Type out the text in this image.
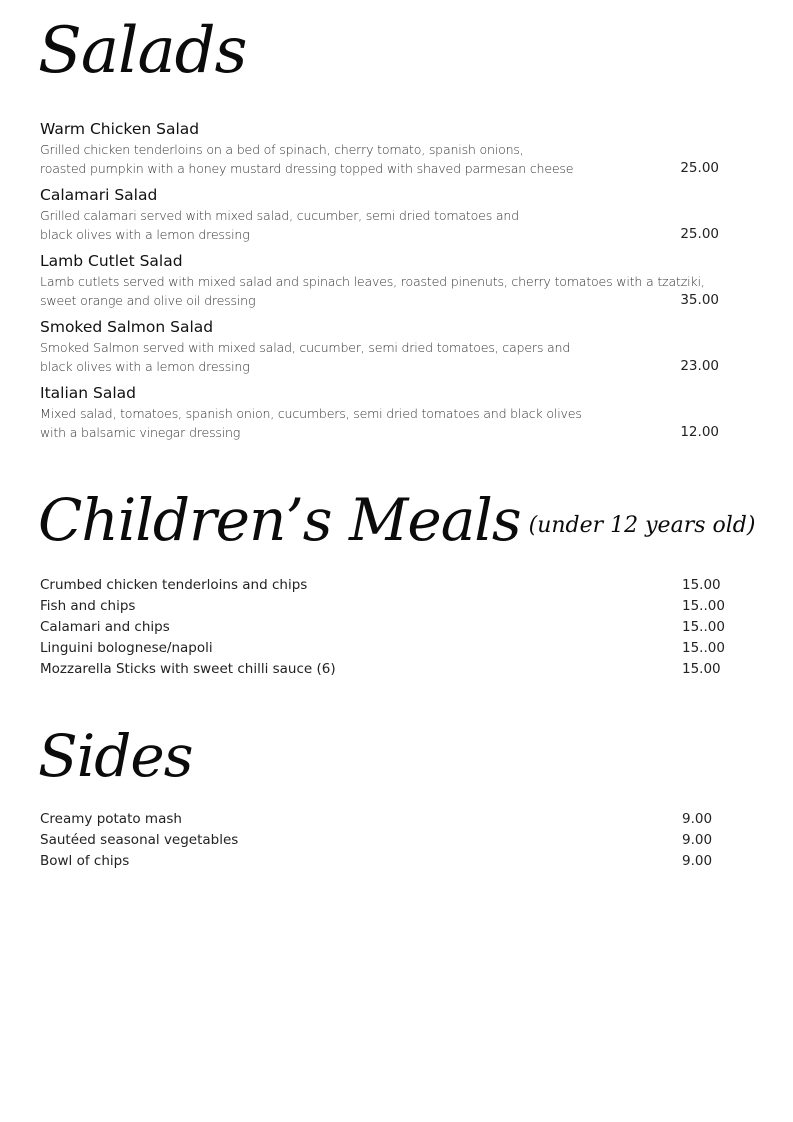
Salads
Warm Chicken Salad
Grilled chicken tenderloins on a bed of spinach, cherry tomato, spanish onions,
roasted pumpkin with a honey mustard dressing topped with shaved parmesan cheese	25.00
Calamari Salad
Grilled calamari served with mixed salad, cucumber, semi dried tomatoes and
black olives with a lemon dressing	25.00
Lamb Cutlet Salad
Lamb cutlets served with mixed salad and spinach leaves, roasted pinenuts, cherry tomatoes with a tzatziki,
sweet orange and olive oil dressing	35.00
Smoked Salmon Salad
Smoked Salmon served with mixed salad, cucumber, semi dried tomatoes, capers and
black olives with a lemon dressing	23.00
Italian Salad
Mixed salad, tomatoes, spanish onion, cucumbers, semi dried tomatoes and black olives
with a balsamic vinegar dressing	12.00
Children’s Meals (under 12 years old)
Crumbed chicken tenderloins and chips	15.00
Fish and chips	15..00
Calamari and chips	15..00
Linguini bolognese/napoli	15..00
Mozzarella Sticks with sweet chilli sauce (6)	15.00
Sides
Creamy potato mash	9.00
Sautéed seasonal vegetables	9.00
Bowl of chips	9.00
